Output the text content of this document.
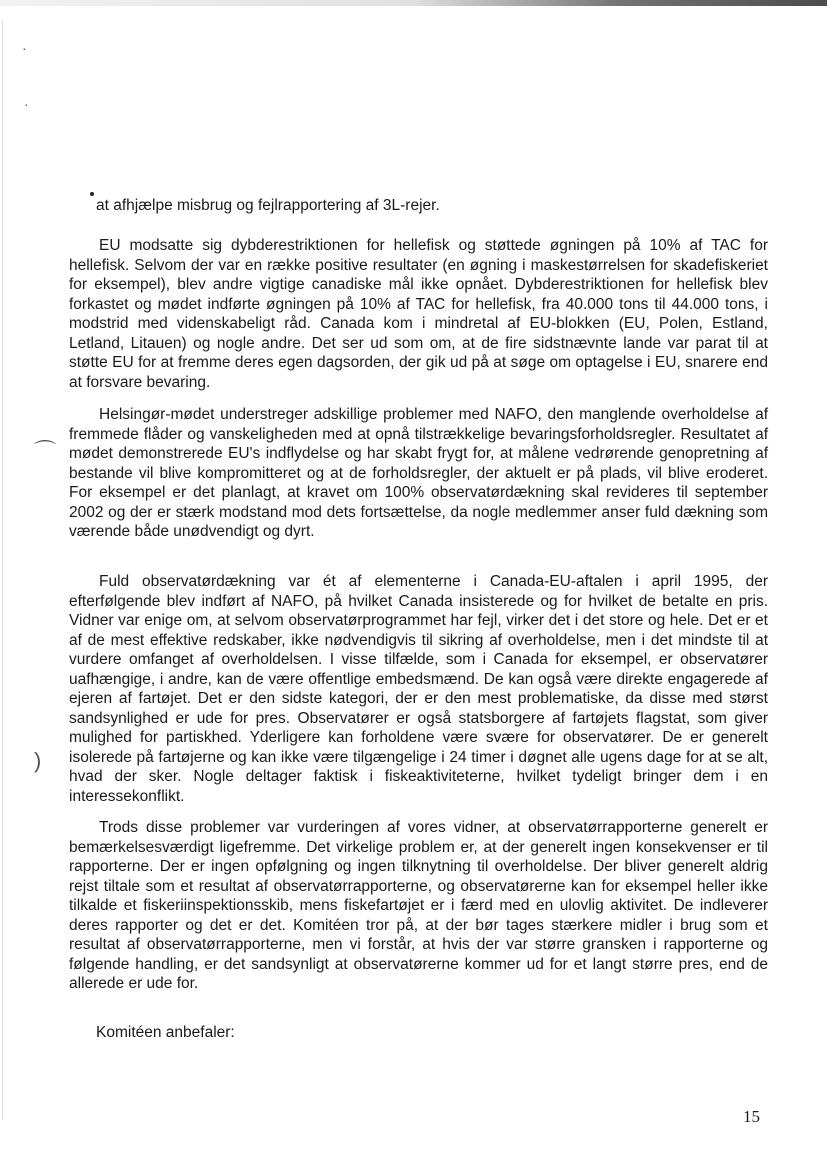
·
·
⌒
)
at afhjælpe misbrug og fejlrapportering af 3L-rejer.

EU modsatte sig dybderestriktionen for hellefisk og støttede øgningen på 10% af TAC for hellefisk. Selvom der var en række positive resultater (en øgning i maskestørrelsen for skadefiskeriet for eksempel), blev andre vigtige canadiske mål ikke opnået. Dybderestriktionen for hellefisk blev forkastet og mødet indførte øgningen på 10% af TAC for hellefisk, fra 40.000 tons til 44.000 tons, i modstrid med videnskabeligt råd. Canada kom i mindretal af EU-blokken (EU, Polen, Estland, Letland, Litauen) og nogle andre. Det ser ud som om, at de fire sidstnævnte lande var parat til at støtte EU for at fremme deres egen dagsorden, der gik ud på at søge om optagelse i EU, snarere end at forsvare bevaring.

Helsingør-mødet understreger adskillige problemer med NAFO, den manglende overholdelse af fremmede flåder og vanskeligheden med at opnå tilstrækkelige bevaringsforholdsregler. Resultatet af mødet demonstrerede EU's indflydelse og har skabt frygt for, at målene vedrørende genopretning af bestande vil blive kompromitteret og at de forholdsregler, der aktuelt er på plads, vil blive eroderet. For eksempel er det planlagt, at kravet om 100% observatørdækning skal revideres til september 2002 og der er stærk modstand mod dets fortsættelse, da nogle medlemmer anser fuld dækning som værende både unødvendigt og dyrt.

Fuld observatørdækning var ét af elementerne i Canada-EU-aftalen i april 1995, der efterfølgende blev indført af NAFO, på hvilket Canada insisterede og for hvilket de betalte en pris. Vidner var enige om, at selvom observatørprogrammet har fejl, virker det i det store og hele. Det er et af de mest effektive redskaber, ikke nødvendigvis til sikring af overholdelse, men i det mindste til at vurdere omfanget af overholdelsen. I visse tilfælde, som i Canada for eksempel, er observatører uafhængige, i andre, kan de være offentlige embedsmænd. De kan også være direkte engagerede af ejeren af fartøjet. Det er den sidste kategori, der er den mest problematiske, da disse med størst sandsynlighed er ude for pres. Observatører er også statsborgere af fartøjets flagstat, som giver mulighed for partiskhed. Yderligere kan forholdene være svære for observatører. De er generelt isolerede på fartøjerne og kan ikke være tilgængelige i 24 timer i døgnet alle ugens dage for at se alt, hvad der sker. Nogle deltager faktisk i fiskeaktiviteterne, hvilket tydeligt bringer dem i en interessekonflikt.

Trods disse problemer var vurderingen af vores vidner, at observatørrapporterne generelt er bemærkelsesværdigt ligefremme. Det virkelige problem er, at der generelt ingen konsekvenser er til rapporterne. Der er ingen opfølgning og ingen tilknytning til overholdelse. Der bliver generelt aldrig rejst tiltale som et resultat af observatørrapporterne, og observatørerne kan for eksempel heller ikke tilkalde et fiskeriinspektionsskib, mens fiskefartøjet er i færd med en ulovlig aktivitet. De indleverer deres rapporter og det er det. Komitéen tror på, at der bør tages stærkere midler i brug som et resultat af observatørrapporterne, men vi forstår, at hvis der var større gransken i rapporterne og følgende handling, er det sandsynligt at observatørerne kommer ud for et langt større pres, end de allerede er ude for.

Komitéen anbefaler:
15
